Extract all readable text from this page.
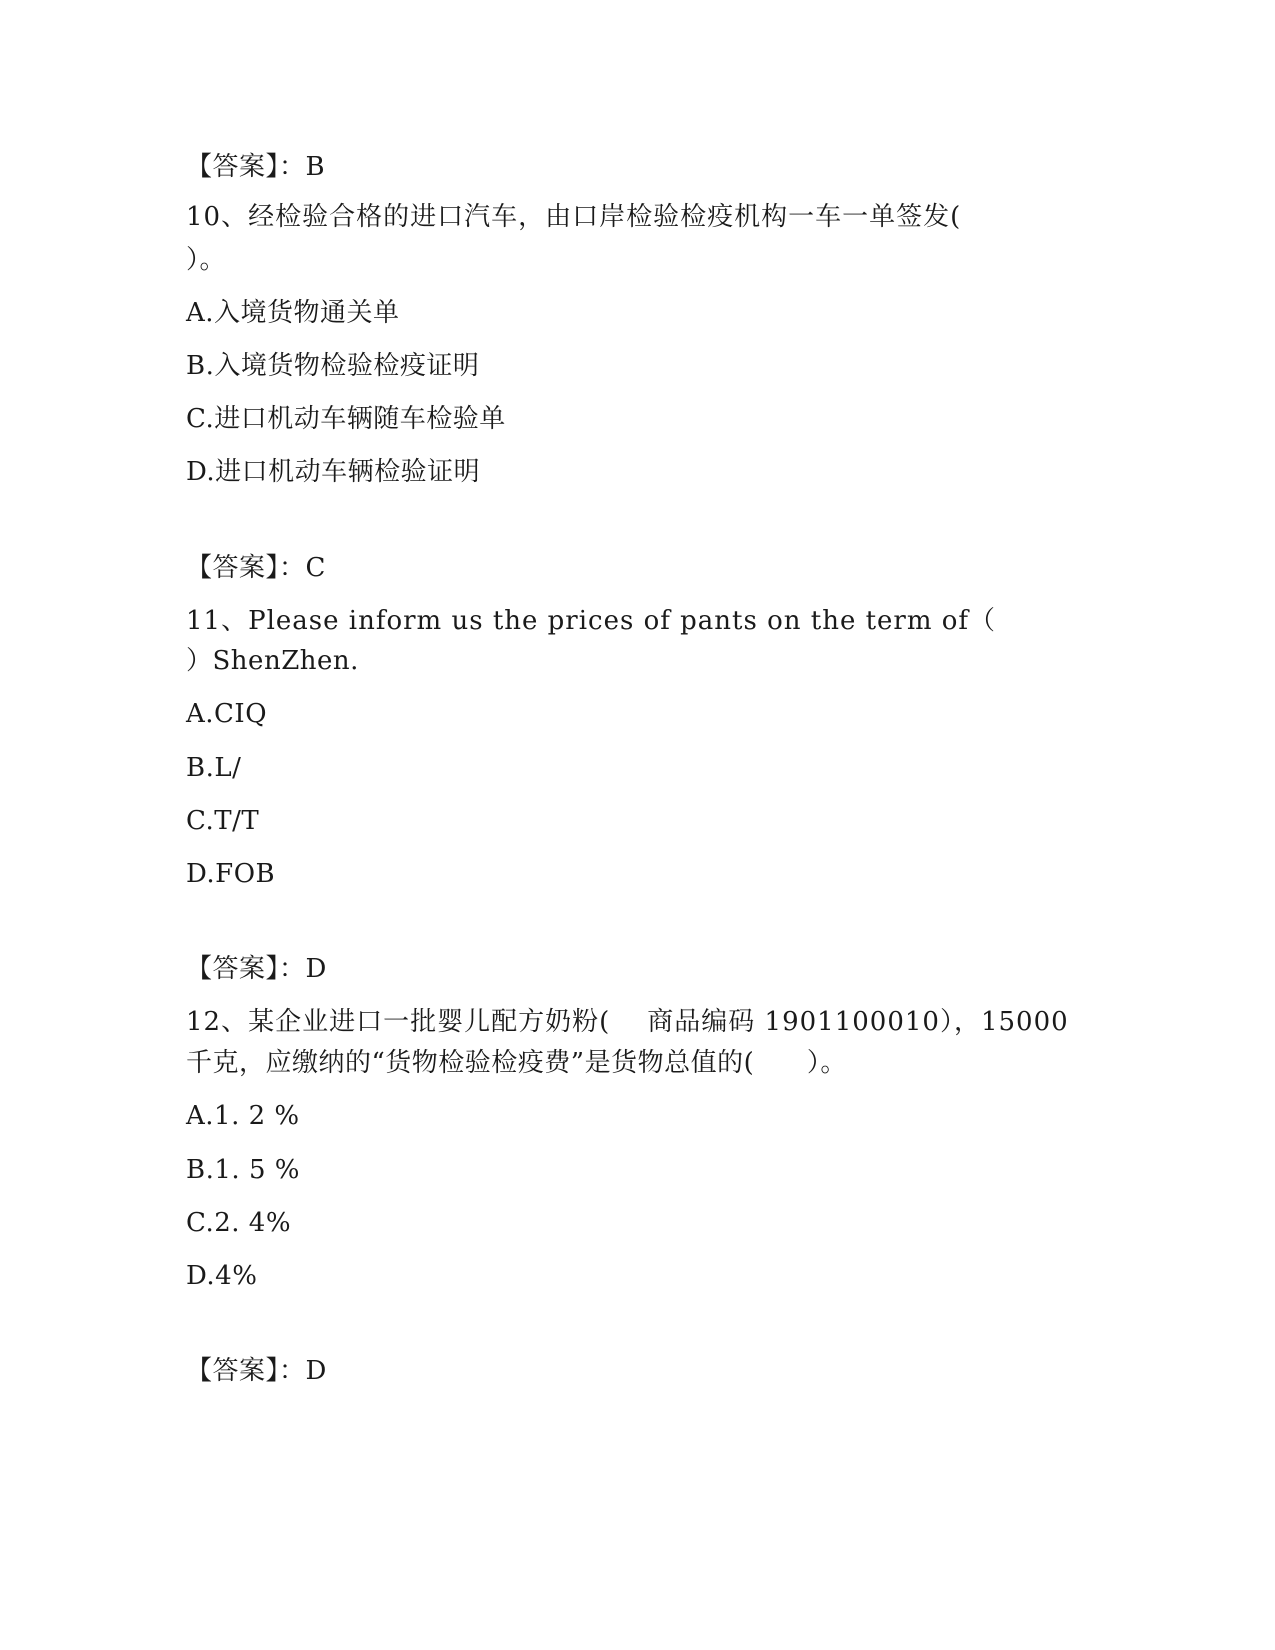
【答案】：B
10、经检验合格的进口汽车，由口岸检验检疫机构一车一单签发(
）。
A.入境货物通关单
B.入境货物检验检疫证明
C.进口机动车辆随车检验单
D.进口机动车辆检验证明
【答案】：C
11、Please inform us the prices of pants on the term of（
）ShenZhen.
A.CIQ
B.L/
C.T/T
D.FOB
【答案】：D
12、某企业进口一批婴儿配方奶粉(    商品编码 1901100010），15000
千克，应缴纳的“货物检验检疫费”是货物总值的(      ）。
A.1. 2 %
B.1. 5 %
C.2. 4%
D.4%
【答案】：D
